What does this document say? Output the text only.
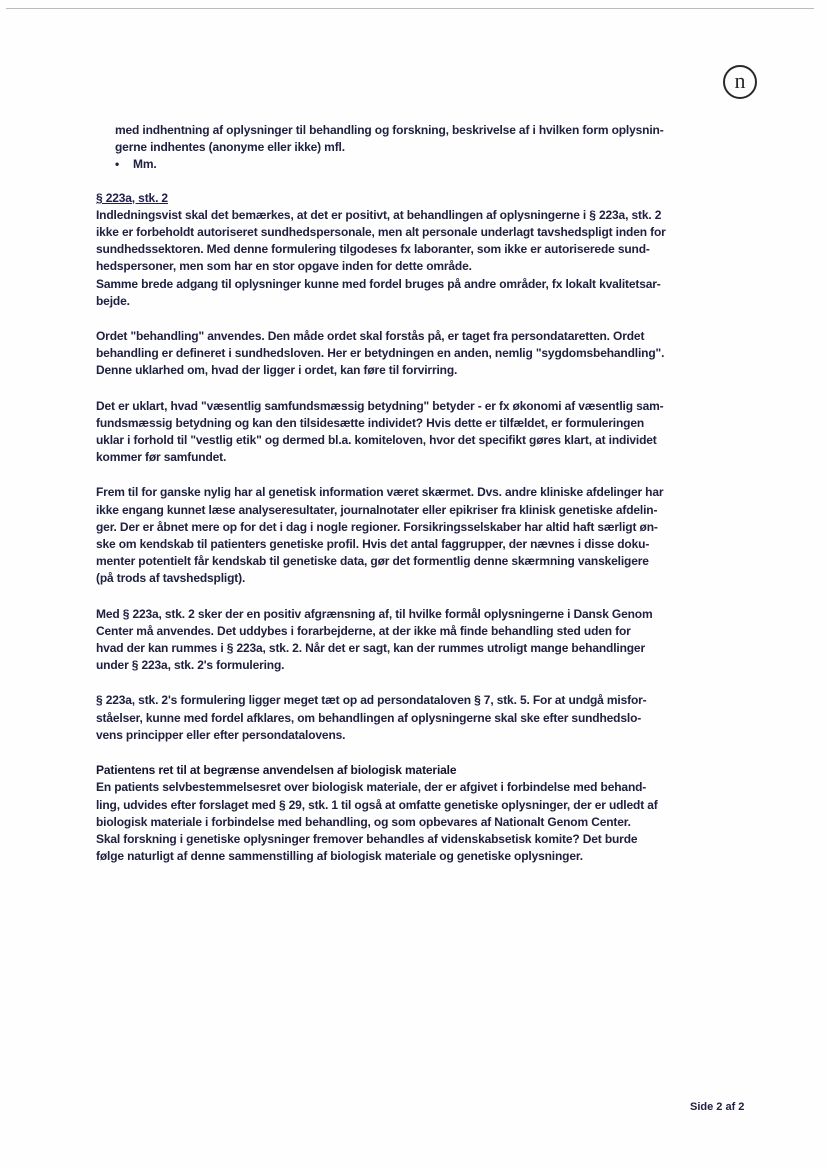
n

med indhentning af oplysninger til behandling og forskning, beskrivelse af i hvilken form oplysnin-

gerne indhentes (anonyme eller ikke) mfl.

•	Mm.

§ 223a, stk. 2

Indledningsvist skal det bemærkes, at det er positivt, at behandlingen af oplysningerne i § 223a, stk. 2

ikke er forbeholdt autoriseret sundhedspersonale, men alt personale underlagt tavshedspligt inden for

sundhedssektoren. Med denne formulering tilgodeses fx laboranter, som ikke er autoriserede sund-

hedspersoner, men som har en stor opgave inden for dette område.

Samme brede adgang til oplysninger kunne med fordel bruges på andre områder, fx lokalt kvalitetsar-

bejde.

Ordet "behandling" anvendes. Den måde ordet skal forstås på, er taget fra persondataretten. Ordet

behandling er defineret i sundhedsloven. Her er betydningen en anden, nemlig "sygdomsbehandling".

Denne uklarhed om, hvad der ligger i ordet, kan føre til forvirring.

Det er uklart, hvad "væsentlig samfundsmæssig betydning" betyder - er fx økonomi af væsentlig sam-

fundsmæssig betydning og kan den tilsidesætte individet? Hvis dette er tilfældet, er formuleringen

uklar i forhold til "vestlig etik" og dermed bl.a. komiteloven, hvor det specifikt gøres klart, at individet

kommer før samfundet.

Frem til for ganske nylig har al genetisk information været skærmet. Dvs. andre kliniske afdelinger har

ikke engang kunnet læse analyseresultater, journalnotater eller epikriser fra klinisk genetiske afdelin-

ger. Der er åbnet mere op for det i dag i nogle regioner. Forsikringsselskaber har altid haft særligt øn-

ske om kendskab til patienters genetiske profil. Hvis det antal faggrupper, der nævnes i disse doku-

menter potentielt får kendskab til genetiske data, gør det formentlig denne skærmning vanskeligere

(på trods af tavshedspligt).

Med § 223a, stk. 2 sker der en positiv afgrænsning af, til hvilke formål oplysningerne i Dansk Genom

Center må anvendes. Det uddybes i forarbejderne, at der ikke må finde behandling sted uden for

hvad der kan rummes i § 223a, stk. 2. Når det er sagt, kan der rummes utroligt mange behandlinger

under § 223a, stk. 2's formulering.

§ 223a, stk. 2's formulering ligger meget tæt op ad persondataloven § 7, stk. 5. For at undgå misfor-

ståelser, kunne med fordel afklares, om behandlingen af oplysningerne skal ske efter sundhedslo-

vens principper eller efter persondatalovens.

Patientens ret til at begrænse anvendelsen af biologisk materiale

En patients selvbestemmelsesret over biologisk materiale, der er afgivet i forbindelse med behand-

ling, udvides efter forslaget med § 29, stk. 1 til også at omfatte genetiske oplysninger, der er udledt af

biologisk materiale i forbindelse med behandling, og som opbevares af Nationalt Genom Center.

Skal forskning i genetiske oplysninger fremover behandles af videnskabsetisk komite? Det burde

følge naturligt af denne sammenstilling af biologisk materiale og genetiske oplysninger.

Side 2 af 2
